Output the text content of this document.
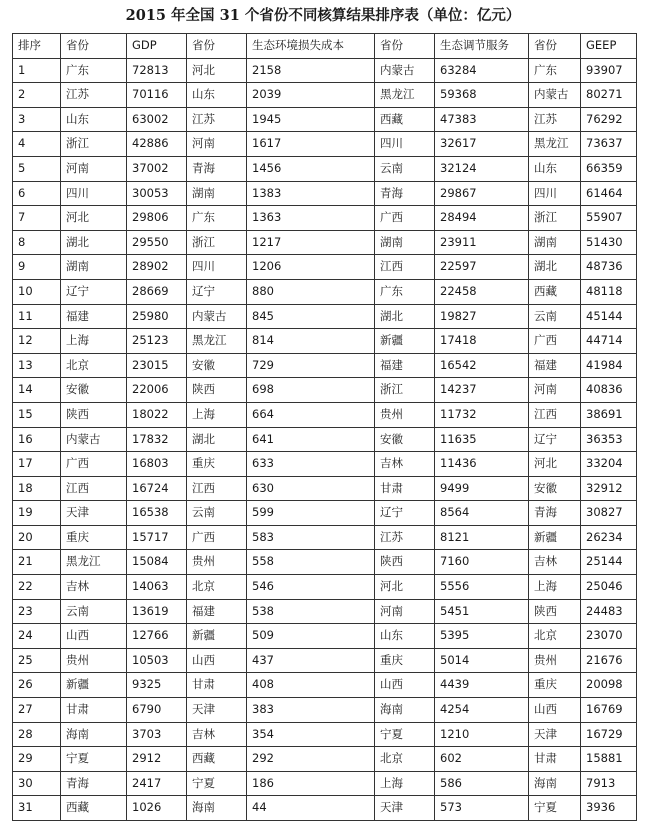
2015 年全国 31 个省份不同核算结果排序表（单位：亿元）
排序	省份	GDP	省份	生态环境损失成本	省份	生态调节服务	省份	GEEP
1	广东	72813	河北	2158	内蒙古	63284	广东	93907
2	江苏	70116	山东	2039	黑龙江	59368	内蒙古	80271
3	山东	63002	江苏	1945	西藏	47383	江苏	76292
4	浙江	42886	河南	1617	四川	32617	黑龙江	73637
5	河南	37002	青海	1456	云南	32124	山东	66359
6	四川	30053	湖南	1383	青海	29867	四川	61464
7	河北	29806	广东	1363	广西	28494	浙江	55907
8	湖北	29550	浙江	1217	湖南	23911	湖南	51430
9	湖南	28902	四川	1206	江西	22597	湖北	48736
10	辽宁	28669	辽宁	880	广东	22458	西藏	48118
11	福建	25980	内蒙古	845	湖北	19827	云南	45144
12	上海	25123	黑龙江	814	新疆	17418	广西	44714
13	北京	23015	安徽	729	福建	16542	福建	41984
14	安徽	22006	陕西	698	浙江	14237	河南	40836
15	陕西	18022	上海	664	贵州	11732	江西	38691
16	内蒙古	17832	湖北	641	安徽	11635	辽宁	36353
17	广西	16803	重庆	633	吉林	11436	河北	33204
18	江西	16724	江西	630	甘肃	9499	安徽	32912
19	天津	16538	云南	599	辽宁	8564	青海	30827
20	重庆	15717	广西	583	江苏	8121	新疆	26234
21	黑龙江	15084	贵州	558	陕西	7160	吉林	25144
22	吉林	14063	北京	546	河北	5556	上海	25046
23	云南	13619	福建	538	河南	5451	陕西	24483
24	山西	12766	新疆	509	山东	5395	北京	23070
25	贵州	10503	山西	437	重庆	5014	贵州	21676
26	新疆	9325	甘肃	408	山西	4439	重庆	20098
27	甘肃	6790	天津	383	海南	4254	山西	16769
28	海南	3703	吉林	354	宁夏	1210	天津	16729
29	宁夏	2912	西藏	292	北京	602	甘肃	15881
30	青海	2417	宁夏	186	上海	586	海南	7913
31	西藏	1026	海南	44	天津	573	宁夏	3936
